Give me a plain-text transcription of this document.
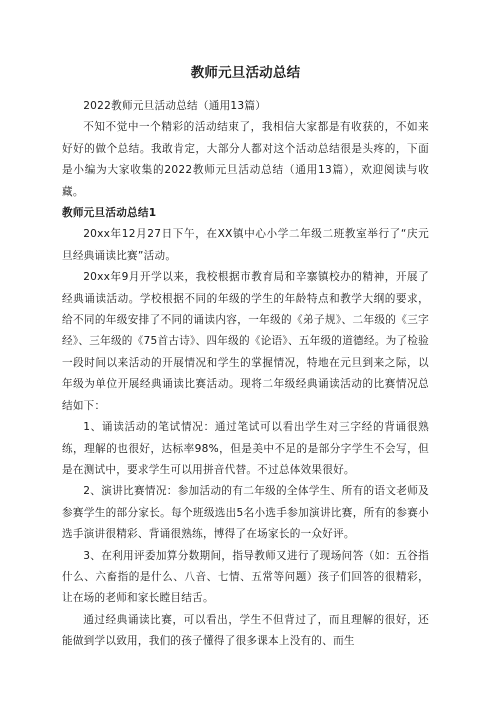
教师元旦活动总结

2022教师元旦活动总结（通用13篇）

不知不觉中一个精彩的活动结束了，我相信大家都是有收获的，不如来好好的做个总结。我敢肯定，大部分人都对这个活动总结很是头疼的，下面是小编为大家收集的2022教师元旦活动总结（通用13篇），欢迎阅读与收藏。

教师元旦活动总结1

20xx年12月27日下午，在XX镇中心小学二年级二班教室举行了“庆元旦经典诵读比赛”活动。

20xx年9月开学以来，我校根据市教育局和辛寨镇校办的精神，开展了经典诵读活动。学校根据不同的年级的学生的年龄特点和教学大纲的要求，给不同的年级安排了不同的诵读内容，一年级的《弟子规》、二年级的《三字经》、三年级的《75首古诗》、四年级的《论语》、五年级的道德经。为了检验一段时间以来活动的开展情况和学生的掌握情况，特地在元旦到来之际，以年级为单位开展经典诵读比赛活动。现将二年级经典诵读活动的比赛情况总结如下：

1、诵读活动的笔试情况：通过笔试可以看出学生对三字经的背诵很熟练，理解的也很好，达标率98%，但是美中不足的是部分字学生不会写，但是在测试中，要求学生可以用拼音代替。不过总体效果很好。

2、演讲比赛情况：参加活动的有二年级的全体学生、所有的语文老师及参赛学生的部分家长。每个班级选出5名小选手参加演讲比赛，所有的参赛小选手演讲很精彩、背诵很熟练，博得了在场家长的一众好评。

3、在利用评委加算分数期间，指导教师又进行了现场问答（如：五谷指什么、六畜指的是什么、八音、七情、五常等问题）孩子们回答的很精彩，让在场的老师和家长瞠目结舌。

通过经典诵读比赛，可以看出，学生不但背过了，而且理解的很好，还能做到学以致用，我们的孩子懂得了很多课本上没有的、而生
